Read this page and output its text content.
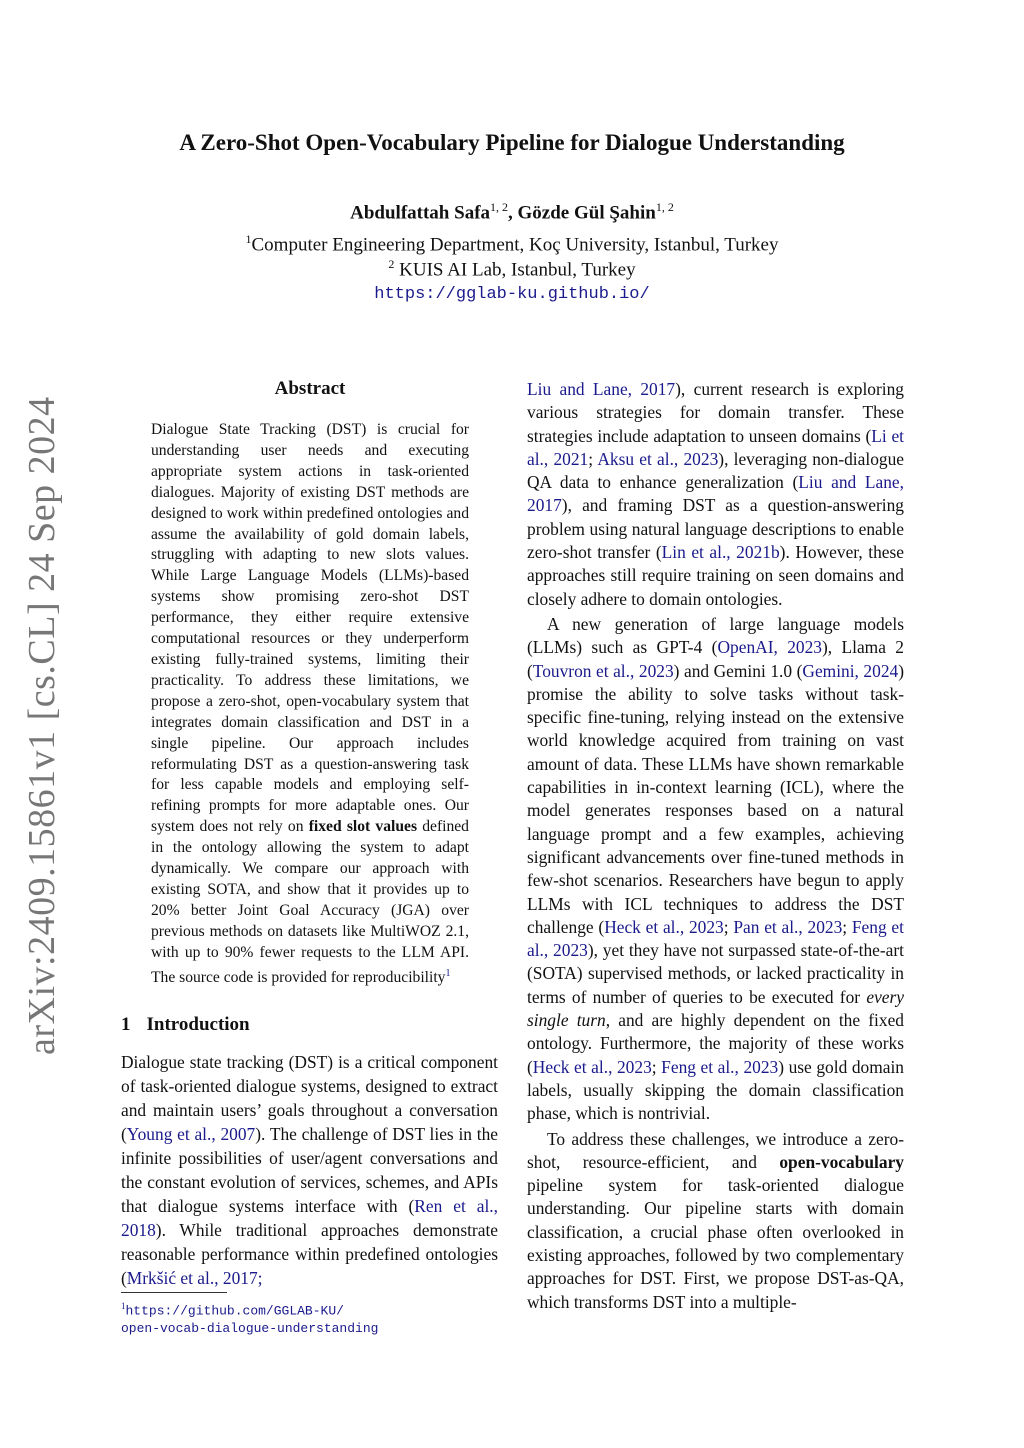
A Zero-Shot Open-Vocabulary Pipeline for Dialogue Understanding
Abdulfattah Safa$^{1, 2}$, Gözde Gül Şahin$^{1, 2}$
$^1$Computer Engineering Department, Koç University, Istanbul, Turkey
$^2$ KUIS AI Lab, Istanbul, Turkey
https://gglab-ku.github.io/
arXiv:2409.15861v1 [cs.CL] 24 Sep 2024
Abstract

Dialogue State Tracking (DST) is crucial for understanding user needs and executing appropriate system actions in task-oriented dialogues. Majority of existing DST methods are designed to work within predefined ontologies and assume the availability of gold domain labels, struggling with adapting to new slots values. While Large Language Models (LLMs)-based systems show promising zero-shot DST performance, they either require extensive computational resources or they underperform existing fully-trained systems, limiting their practicality. To address these limitations, we propose a zero-shot, open-vocabulary system that integrates domain classification and DST in a single pipeline. Our approach includes reformulating DST as a question-answering task for less capable models and employing self-refining prompts for more adaptable ones. Our system does not rely on fixed slot values defined in the ontology allowing the system to adapt dynamically. We compare our approach with existing SOTA, and show that it provides up to 20% better Joint Goal Accuracy (JGA) over previous methods on datasets like MultiWOZ 2.1, with up to 90% fewer requests to the LLM API. The source code is provided for reproducibility$^1$

1 Introduction

Dialogue state tracking (DST) is a critical component of task-oriented dialogue systems, designed to extract and maintain users’ goals throughout a conversation (Young et al., 2007). The challenge of DST lies in the infinite possibilities of user/agent conversations and the constant evolution of services, schemes, and APIs that dialogue systems interface with (Ren et al., 2018). While traditional approaches demonstrate reasonable performance within predefined ontologies (Mrkšić et al., 2017;

$^1$https://github.com/GGLAB-KU/
open-vocab-dialogue-understanding

Liu and Lane, 2017), current research is exploring various strategies for domain transfer. These strategies include adaptation to unseen domains (Li et al., 2021; Aksu et al., 2023), leveraging non-dialogue QA data to enhance generalization (Liu and Lane, 2017), and framing DST as a question-answering problem using natural language descriptions to enable zero-shot transfer (Lin et al., 2021b). However, these approaches still require training on seen domains and closely adhere to domain ontologies.

A new generation of large language models (LLMs) such as GPT-4 (OpenAI, 2023), Llama 2 (Touvron et al., 2023) and Gemini 1.0 (Gemini, 2024) promise the ability to solve tasks without task-specific fine-tuning, relying instead on the extensive world knowledge acquired from training on vast amount of data. These LLMs have shown remarkable capabilities in in-context learning (ICL), where the model generates responses based on a natural language prompt and a few examples, achieving significant advancements over fine-tuned methods in few-shot scenarios. Researchers have begun to apply LLMs with ICL techniques to address the DST challenge (Heck et al., 2023; Pan et al., 2023; Feng et al., 2023), yet they have not surpassed state-of-the-art (SOTA) supervised methods, or lacked practicality in terms of number of queries to be executed for every single turn, and are highly dependent on the fixed ontology. Furthermore, the majority of these works (Heck et al., 2023; Feng et al., 2023) use gold domain labels, usually skipping the domain classification phase, which is nontrivial.

To address these challenges, we introduce a zero-shot, resource-efficient, and open-vocabulary pipeline system for task-oriented dialogue understanding. Our pipeline starts with domain classification, a crucial phase often overlooked in existing approaches, followed by two complementary approaches for DST. First, we propose DST-as-QA, which transforms DST into a multiple-
